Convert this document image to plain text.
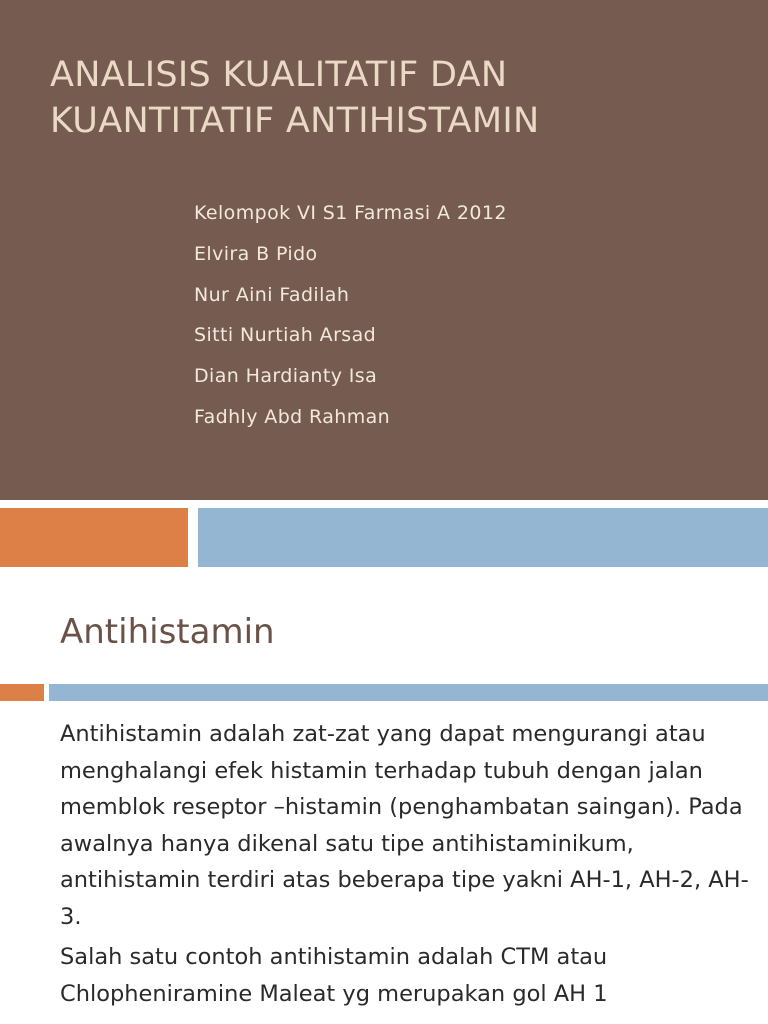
ANALISIS KUALITATIF DAN
KUANTITATIF ANTIHISTAMIN
Kelompok VI S1 Farmasi A 2012
Elvira B Pido
Nur Aini Fadilah
Sitti Nurtiah Arsad
Dian Hardianty Isa
Fadhly Abd Rahman
Antihistamin

Antihistamin adalah zat-zat yang dapat mengurangi atau menghalangi efek histamin terhadap tubuh dengan jalan memblok reseptor –histamin (penghambatan saingan). Pada awalnya hanya dikenal satu tipe antihistaminikum, antihistamin terdiri atas beberapa tipe yakni AH-1, AH-2, AH-3.

Salah satu contoh antihistamin adalah CTM atau Chlopheniramine Maleat yg merupakan gol AH 1
